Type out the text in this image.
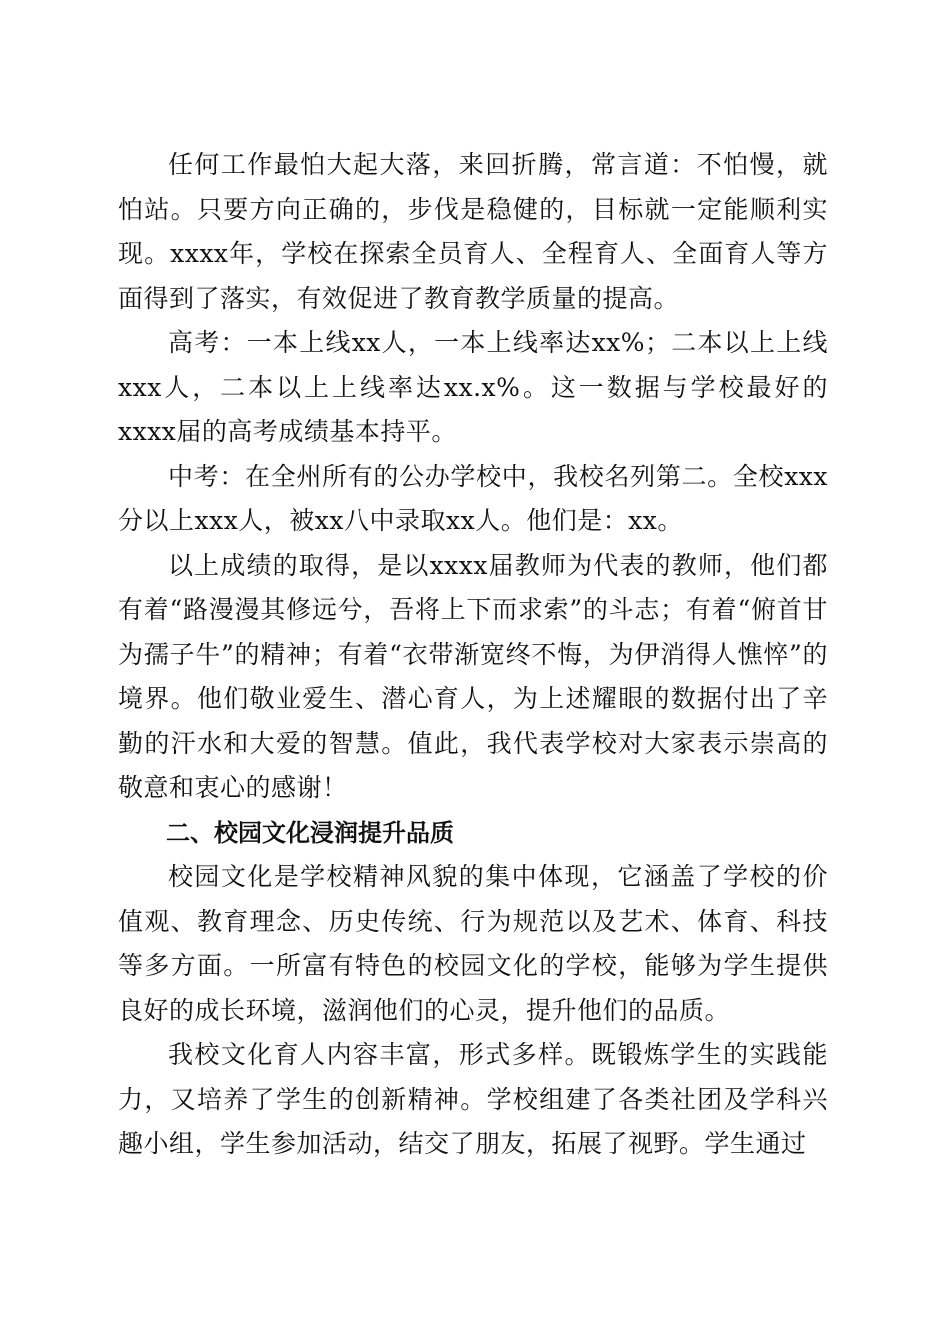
任何工作最怕大起大落，来回折腾，常言道：不怕慢，就怕站。只要方向正确的，步伐是稳健的，目标就一定能顺利实现。xxxx年，学校在探索全员育人、全程育人、全面育人等方面得到了落实，有效促进了教育教学质量的提高。

高考：一本上线xx人，一本上线率达xx%；二本以上上线xxx人，二本以上上线率达xx.x%。这一数据与学校最好的xxxx届的高考成绩基本持平。

中考：在全州所有的公办学校中，我校名列第二。全校xxx分以上xxx人，被xx八中录取xx人。他们是：xx。

以上成绩的取得，是以xxxx届教师为代表的教师，他们都有着“路漫漫其修远兮，吾将上下而求索”的斗志；有着“俯首甘为孺子牛”的精神；有着“衣带渐宽终不悔，为伊消得人憔悴”的境界。他们敬业爱生、潜心育人，为上述耀眼的数据付出了辛勤的汗水和大爱的智慧。值此，我代表学校对大家表示崇高的敬意和衷心的感谢！

二、校园文化浸润提升品质

校园文化是学校精神风貌的集中体现，它涵盖了学校的价值观、教育理念、历史传统、行为规范以及艺术、体育、科技等多方面。一所富有特色的校园文化的学校，能够为学生提供良好的成长环境，滋润他们的心灵，提升他们的品质。

我校文化育人内容丰富，形式多样。既锻炼学生的实践能力，又培养了学生的创新精神。学校组建了各类社团及学科兴趣小组，学生参加活动，结交了朋友，拓展了视野。学生通过
